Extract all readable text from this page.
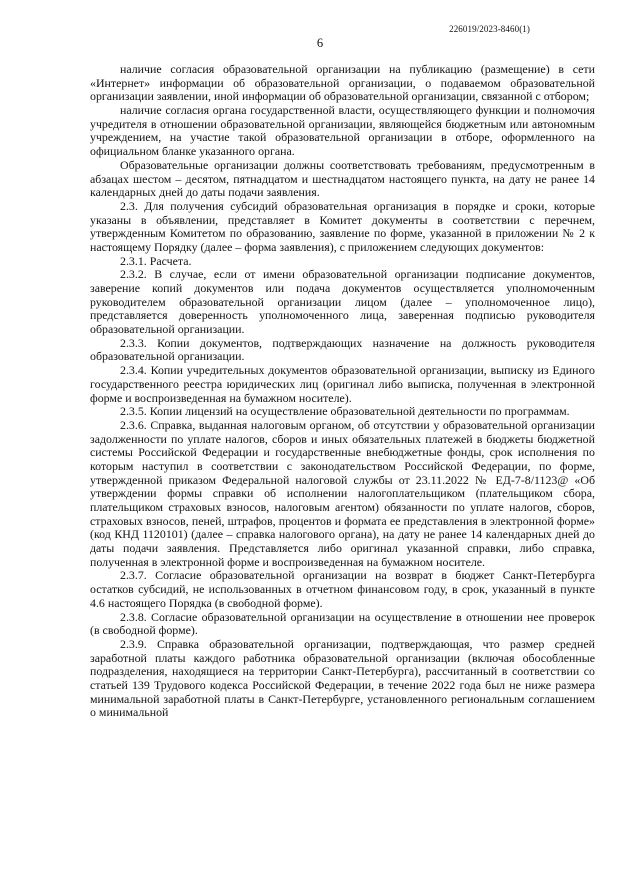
226019/2023-8460(1)
6

наличие согласия образовательной организации на публикацию (размещение) в сети «Интернет» информации об образовательной организации, о подаваемом образовательной организации заявлении, иной информации об образовательной организации, связанной с отбором;

наличие согласия органа государственной власти, осуществляющего функции и полномочия учредителя в отношении образовательной организации, являющейся бюджетным или автономным учреждением, на участие такой образовательной организации в отборе, оформленного на официальном бланке указанного органа.

Образовательные организации должны соответствовать требованиям, предусмотренным в абзацах шестом – десятом, пятнадцатом и шестнадцатом настоящего пункта, на дату не ранее 14 календарных дней до даты подачи заявления.

2.3. Для получения субсидий образовательная организация в порядке и сроки, которые указаны в объявлении, представляет в Комитет документы в соответствии с перечнем, утвержденным Комитетом по образованию, заявление по форме, указанной в приложении № 2 к настоящему Порядку (далее – форма заявления), с приложением следующих документов:

2.3.1. Расчета.

2.3.2. В случае, если от имени образовательной организации подписание документов, заверение копий документов или подача документов осуществляется уполномоченным руководителем образовательной организации лицом (далее – уполномоченное лицо), представляется доверенность уполномоченного лица, заверенная подписью руководителя образовательной организации.

2.3.3. Копии документов, подтверждающих назначение на должность руководителя образовательной организации.

2.3.4. Копии учредительных документов образовательной организации, выписку из Единого государственного реестра юридических лиц (оригинал либо выписка, полученная в электронной форме и воспроизведенная на бумажном носителе).

2.3.5. Копии лицензий на осуществление образовательной деятельности по программам.

2.3.6. Справка, выданная налоговым органом, об отсутствии у образовательной организации задолженности по уплате налогов, сборов и иных обязательных платежей в бюджеты бюджетной системы Российской Федерации и государственные внебюджетные фонды, срок исполнения по которым наступил в соответствии с законодательством Российской Федерации, по форме, утвержденной приказом Федеральной налоговой службы от 23.11.2022 № ЕД-7-8/1123@ «Об утверждении формы справки об исполнении налогоплательщиком (плательщиком сбора, плательщиком страховых взносов, налоговым агентом) обязанности по уплате налогов, сборов, страховых взносов, пеней, штрафов, процентов и формата ее представления в электронной форме» (код КНД 1120101) (далее – справка налогового органа), на дату не ранее 14 календарных дней до даты подачи заявления. Представляется либо оригинал указанной справки, либо справка, полученная в электронной форме и воспроизведенная на бумажном носителе.

2.3.7. Согласие образовательной организации на возврат в бюджет Санкт-Петербурга остатков субсидий, не использованных в отчетном финансовом году, в срок, указанный в пункте 4.6 настоящего Порядка (в свободной форме).

2.3.8. Согласие образовательной организации на осуществление в отношении нее проверок (в свободной форме).

2.3.9. Справка образовательной организации, подтверждающая, что размер средней заработной платы каждого работника образовательной организации (включая обособленные подразделения, находящиеся на территории Санкт-Петербурга), рассчитанный в соответствии со статьей 139 Трудового кодекса Российской Федерации, в течение 2022 года был не ниже размера минимальной заработной платы в Санкт-Петербурге, установленного региональным соглашением о минимальной
